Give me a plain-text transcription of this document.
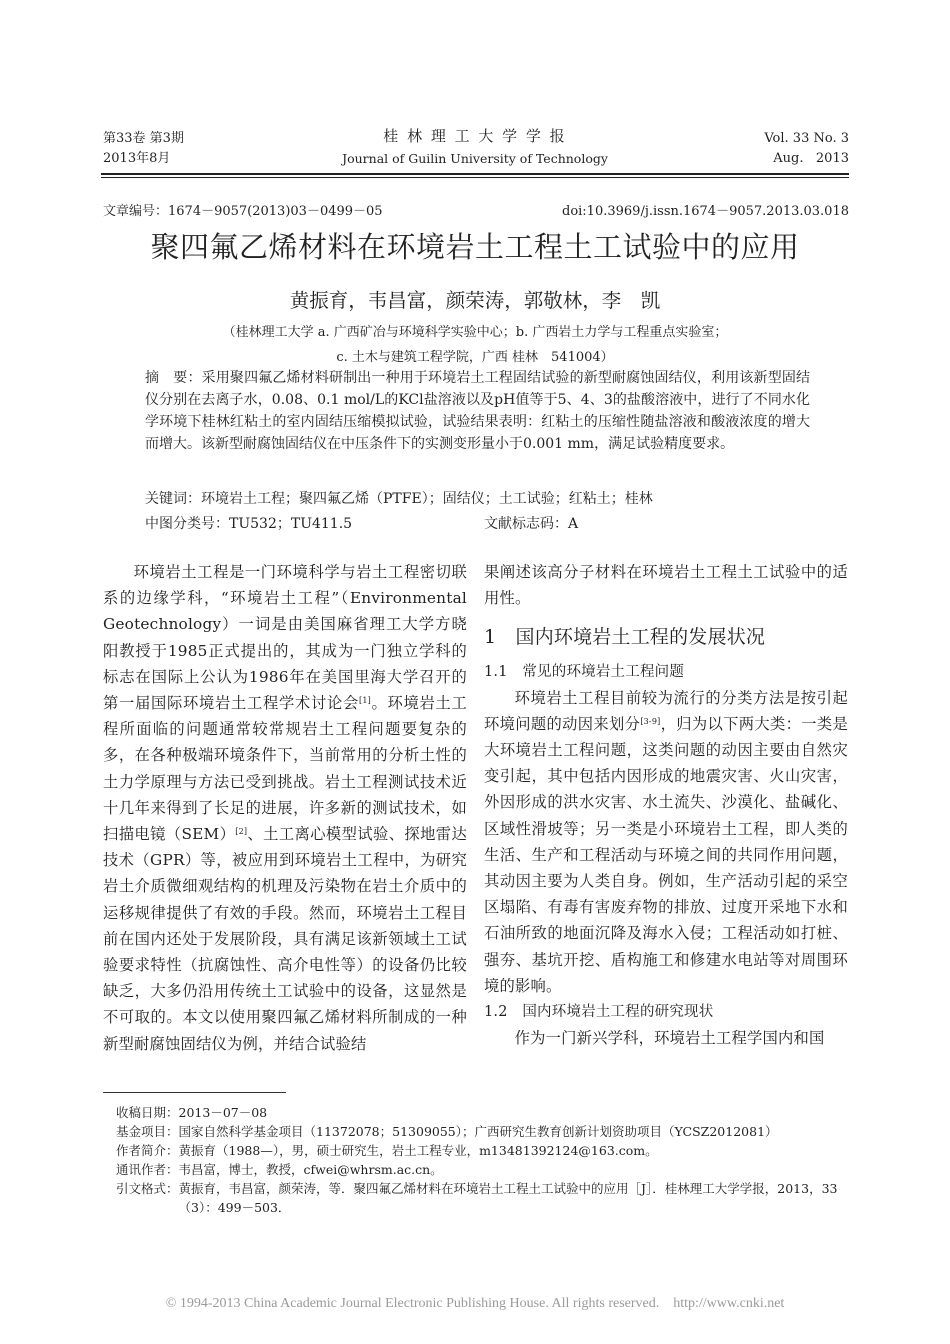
第33卷 第3期
2013年8月
桂 林 理 工 大 学 学 报
Journal of Guilin University of Technology
Vol. 33 No. 3
Aug.   2013
文章编号：1674－9057(2013)03－0499－05	doi:10.3969/j.issn.1674－9057.2013.03.018
聚四氟乙烯材料在环境岩土工程土工试验中的应用
黄振育，韦昌富，颜荣涛，郭敬林，李　凯
（桂林理工大学 a. 广西矿冶与环境科学实验中心；b. 广西岩土力学与工程重点实验室；
c. 土木与建筑工程学院，广西 桂林　541004）
摘　要：采用聚四氟乙烯材料研制出一种用于环境岩土工程固结试验的新型耐腐蚀固结仪，利用该新型固结仪分别在去离子水，0.08、0.1 mol/L的KCl盐溶液以及pH值等于5、4、3的盐酸溶液中，进行了不同水化学环境下桂林红粘土的室内固结压缩模拟试验，试验结果表明：红粘土的压缩性随盐溶液和酸液浓度的增大而增大。该新型耐腐蚀固结仪在中压条件下的实测变形量小于0.001 mm，满足试验精度要求。
关键词：环境岩土工程；聚四氟乙烯（PTFE）；固结仪；土工试验；红粘土；桂林
中图分类号：TU532；TU411.5	文献标志码：A

环境岩土工程是一门环境科学与岩土工程密切联系的边缘学科，“环境岩土工程”（Environmental Geotechnology）一词是由美国麻省理工大学方晓阳教授于1985正式提出的，其成为一门独立学科的标志在国际上公认为1986年在美国里海大学召开的第一届国际环境岩土工程学术讨论会[1]。环境岩土工程所面临的问题通常较常规岩土工程问题要复杂的多，在各种极端环境条件下，当前常用的分析土性的土力学原理与方法已受到挑战。岩土工程测试技术近十几年来得到了长足的进展，许多新的测试技术，如扫描电镜（SEM）[2]、土工离心模型试验、探地雷达技术（GPR）等，被应用到环境岩土工程中，为研究岩土介质微细观结构的机理及污染物在岩土介质中的运移规律提供了有效的手段。然而，环境岩土工程目前在国内还处于发展阶段，具有满足该新领域土工试验要求特性（抗腐蚀性、高介电性等）的设备仍比较缺乏，大多仍沿用传统土工试验中的设备，这显然是不可取的。本文以使用聚四氟乙烯材料所制成的一种新型耐腐蚀固结仪为例，并结合试验结

果阐述该高分子材料在环境岩土工程土工试验中的适用性。

1　国内环境岩土工程的发展状况
1.1　常见的环境岩土工程问题

环境岩土工程目前较为流行的分类方法是按引起环境问题的动因来划分[3-9]，归为以下两大类：一类是大环境岩土工程问题，这类问题的动因主要由自然灾变引起，其中包括内因形成的地震灾害、火山灾害，外因形成的洪水灾害、水土流失、沙漠化、盐碱化、区域性滑坡等；另一类是小环境岩土工程，即人类的生活、生产和工程活动与环境之间的共同作用问题，其动因主要为人类自身。例如，生产活动引起的采空区塌陷、有毒有害废弃物的排放、过度开采地下水和石油所致的地面沉降及海水入侵；工程活动如打桩、强夯、基坑开挖、盾构施工和修建水电站等对周围环境的影响。

1.2　国内环境岩土工程的研究现状

作为一门新兴学科，环境岩土工程学国内和国

收稿日期： 2013－07－08
基金项目： 国家自然科学基金项目（11372078；51309055）；广西研究生教育创新计划资助项目（YCSZ2012081）
作者简介： 黄振育（1988—），男，硕士研究生，岩土工程专业，m13481392124@163.com。
通讯作者： 韦昌富，博士，教授，cfwei@whrsm.ac.cn。
引文格式： 黄振育，韦昌富，颜荣涛，等．聚四氟乙烯材料在环境岩土工程土工试验中的应用［J］．桂林理工大学学报，2013，33（3）：499－503．
© 1994-2013 China Academic Journal Electronic Publishing House. All rights reserved.    http://www.cnki.net
